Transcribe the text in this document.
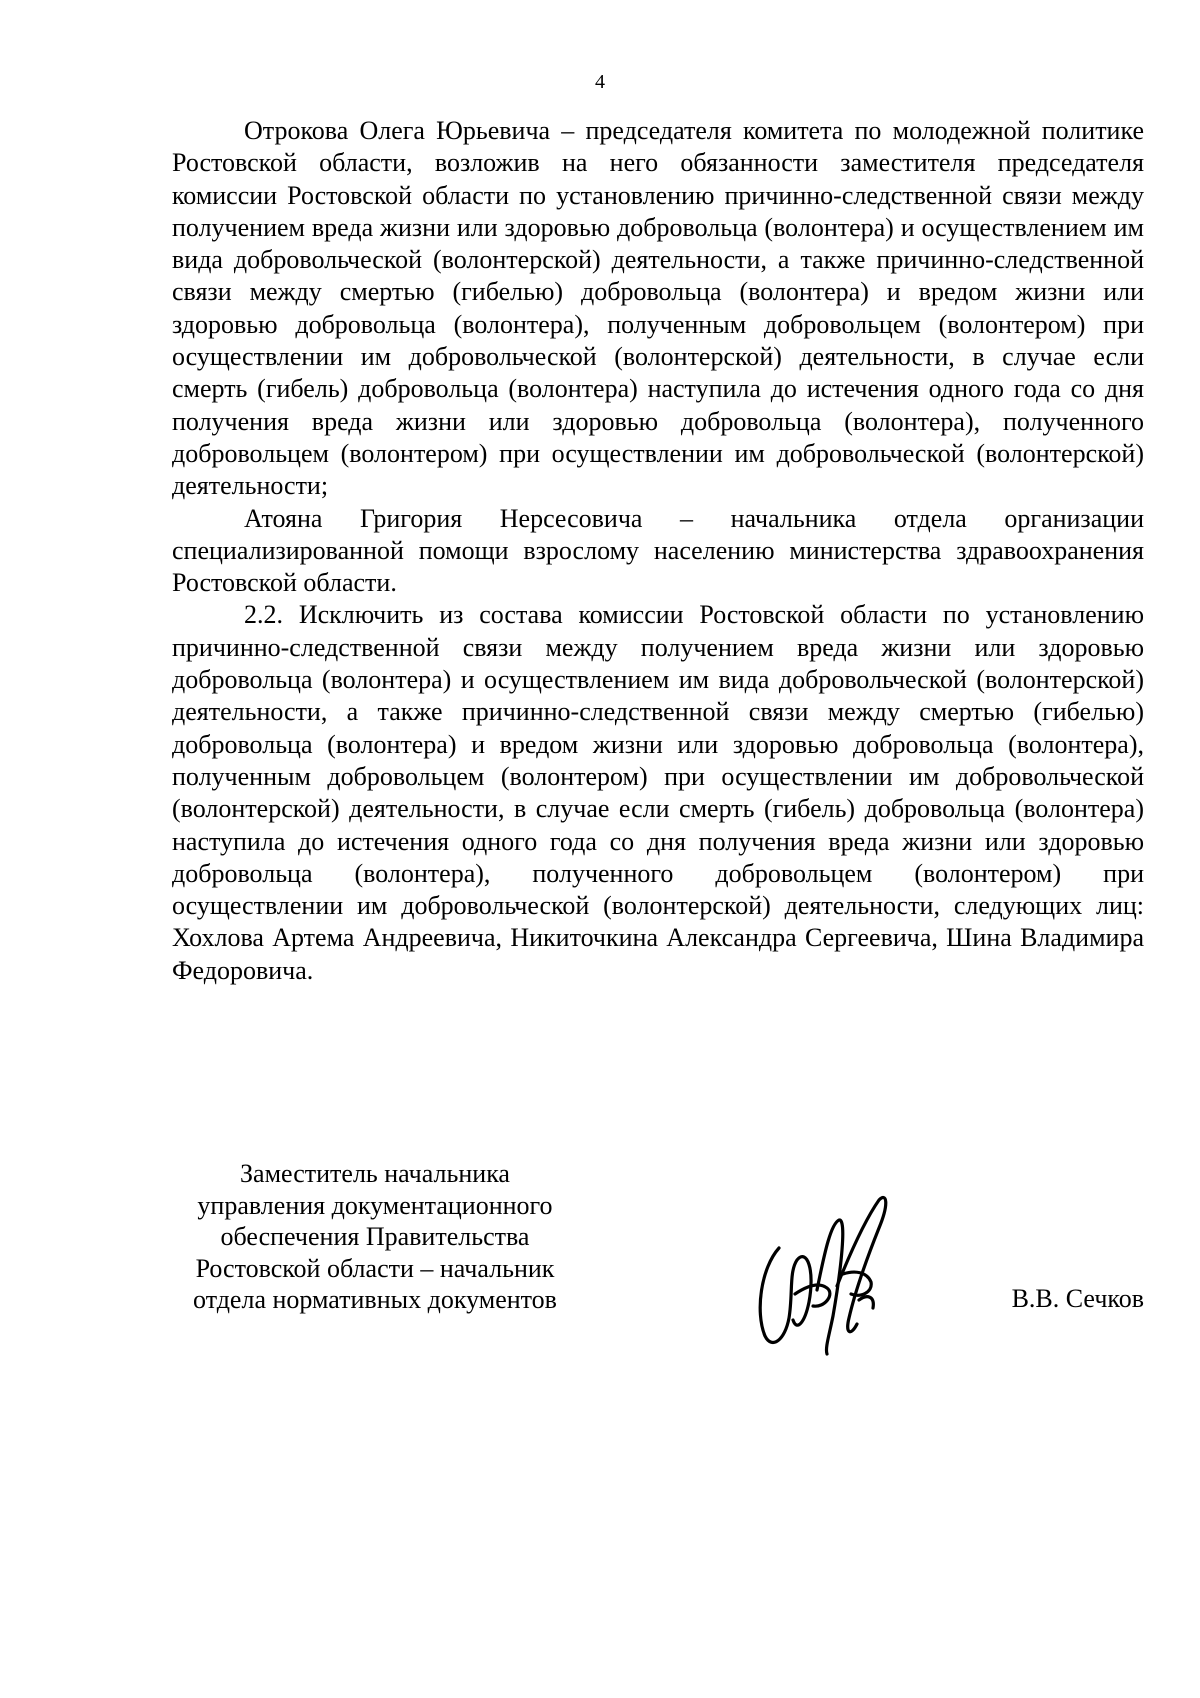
4

Отрокова Олега Юрьевича – председателя комитета по молодежной политике Ростовской области, возложив на него обязанности заместителя председателя комиссии Ростовской области по установлению причинно-следственной связи между получением вреда жизни или здоровью добровольца (волонтера) и осуществлением им вида добровольческой (волонтерской) деятельности, а также причинно-следственной связи между смертью (гибелью) добровольца (волонтера) и вредом жизни или здоровью добровольца (волонтера), полученным добровольцем (волонтером) при осуществлении им добровольческой (волонтерской) деятельности, в случае если смерть (гибель) добровольца (волонтера) наступила до истечения одного года со дня получения вреда жизни или здоровью добровольца (волонтера), полученного добровольцем (волонтером) при осуществлении им добровольческой (волонтерской) деятельности;

Атояна Григория Нерсесовича – начальника отдела организации специализированной помощи взрослому населению министерства здравоохранения Ростовской области.

2.2. Исключить из состава комиссии Ростовской области по установлению причинно-следственной связи между получением вреда жизни или здоровью добровольца (волонтера) и осуществлением им вида добровольческой (волонтерской) деятельности, а также причинно-следственной связи между смертью (гибелью) добровольца (волонтера) и вредом жизни или здоровью добровольца (волонтера), полученным добровольцем (волонтером) при осуществлении им добровольческой (волонтерской) деятельности, в случае если смерть (гибель) добровольца (волонтера) наступила до истечения одного года со дня получения вреда жизни или здоровью добровольца (волонтера), полученного добровольцем (волонтером) при осуществлении им добровольческой (волонтерской) деятельности, следующих лиц: Хохлова Артема Андреевича, Никиточкина Александра Сергеевича, Шина Владимира Федоровича.

Заместитель начальника
управления документационного
обеспечения Правительства
Ростовской области – начальник
отдела нормативных документов	В.В. Сечков
